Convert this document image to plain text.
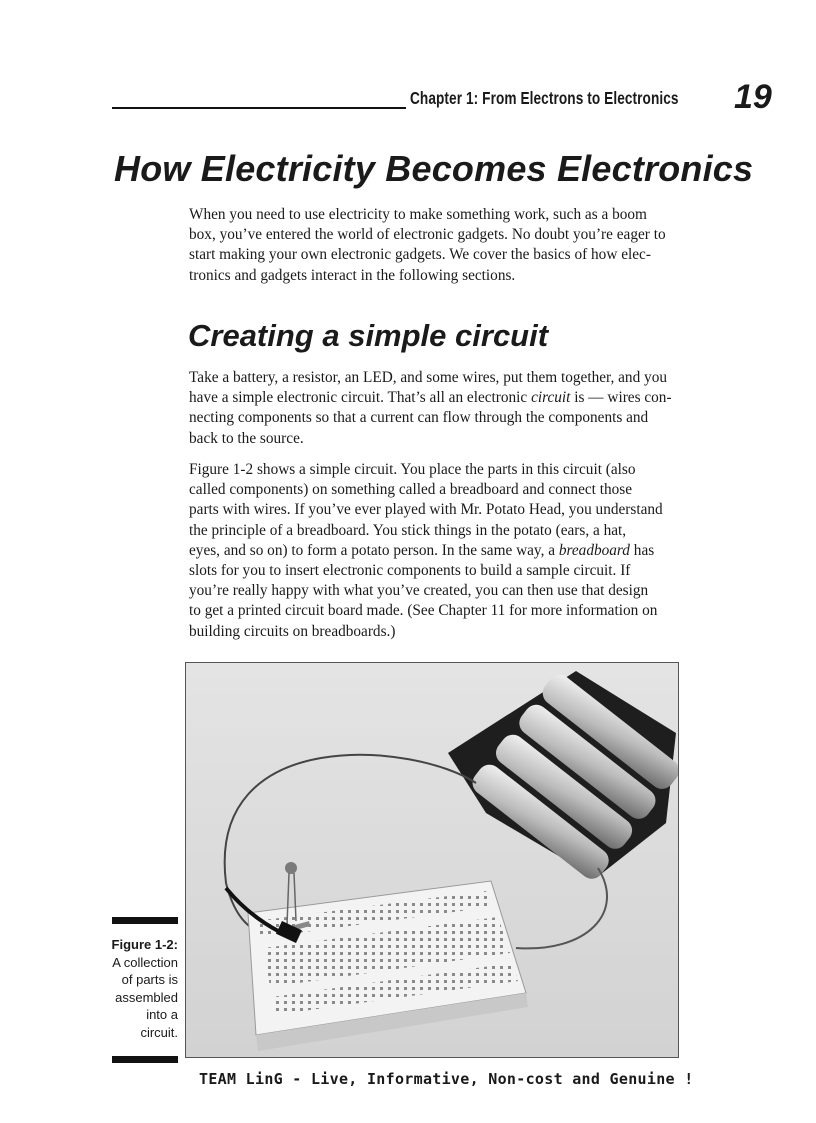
Chapter 1: From Electrons to Electronics 19
How Electricity Becomes Electronics

When you need to use electricity to make something work, such as a boom
box, you’ve entered the world of electronic gadgets. No doubt you’re eager to
start making your own electronic gadgets. We cover the basics of how elec-
tronics and gadgets interact in the following sections.

Creating a simple circuit

Take a battery, a resistor, an LED, and some wires, put them together, and you
have a simple electronic circuit. That’s all an electronic circuit is — wires con-
necting components so that a current can flow through the components and
back to the source.

Figure 1-2 shows a simple circuit. You place the parts in this circuit (also
called components) on something called a breadboard and connect those
parts with wires. If you’ve ever played with Mr. Potato Head, you understand
the principle of a breadboard. You stick things in the potato (ears, a hat,
eyes, and so on) to form a potato person. In the same way, a breadboard has
slots for you to insert electronic components to build a sample circuit. If
you’re really happy with what you’ve created, you can then use that design
to get a printed circuit board made. (See Chapter 11 for more information on
building circuits on breadboards.)

Figure 1-2:
A collection
of parts is
assembled
into a
circuit.
TEAM LinG - Live, Informative, Non-cost and Genuine !
